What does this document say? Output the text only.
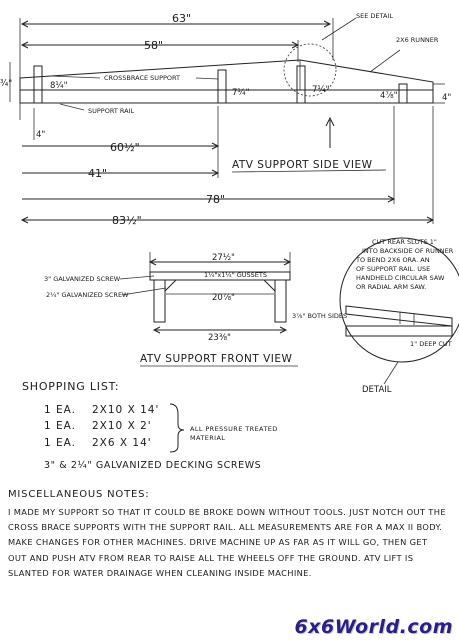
63"
58"
¾"	8¼"
7¼"	7¼"
4⅞"	4"
CROSSBRACE SUPPORT
SUPPORT RAIL
SEE DETAIL
2X6 RUNNER
4"
60½"
41"
ATV SUPPORT SIDE VIEW
78"
83½"
CUT REAR SLOTS 1"
INTO BACKSIDE OF RUNNER
TO BEND 2X6 ORA. AN
OF SUPPORT RAIL. USE
HANDHELD CIRCULAR SAW
OR RADIAL ARM SAW.
1" DEEP CUT
DETAIL
27½"
1¼"x1¼" GUSSETS
20⅞"
23⅜"
3⅞" BOTH SIDES
3" GALVANIZED SCREW
2¼" GALVANIZED SCREW
ATV SUPPORT FRONT VIEW
SHOPPING LIST:
1 EA. 2X10 X 14'
1 EA. 2X10 X 2'
1 EA. 2X6 X 14'
ALL PRESSURE TREATED MATERIAL
3" & 2¼" GALVANIZED DECKING SCREWS
MISCELLANEOUS NOTES:
I MADE MY SUPPORT SO THAT IT COULD BE BROKE DOWN WITHOUT TOOLS. JUST NOTCH OUT THE CROSS BRACE SUPPORTS WITH THE SUPPORT RAIL. ALL MEASUREMENTS ARE FOR A MAX II BODY. MAKE CHANGES FOR OTHER MACHINES. DRIVE MACHINE UP AS FAR AS IT WILL GO, THEN GET OUT AND PUSH ATV FROM REAR TO RAISE ALL THE WHEELS OFF THE GROUND. ATV LIFT IS SLANTED FOR WATER DRAINAGE WHEN CLEANING INSIDE MACHINE.
6x6World.com
